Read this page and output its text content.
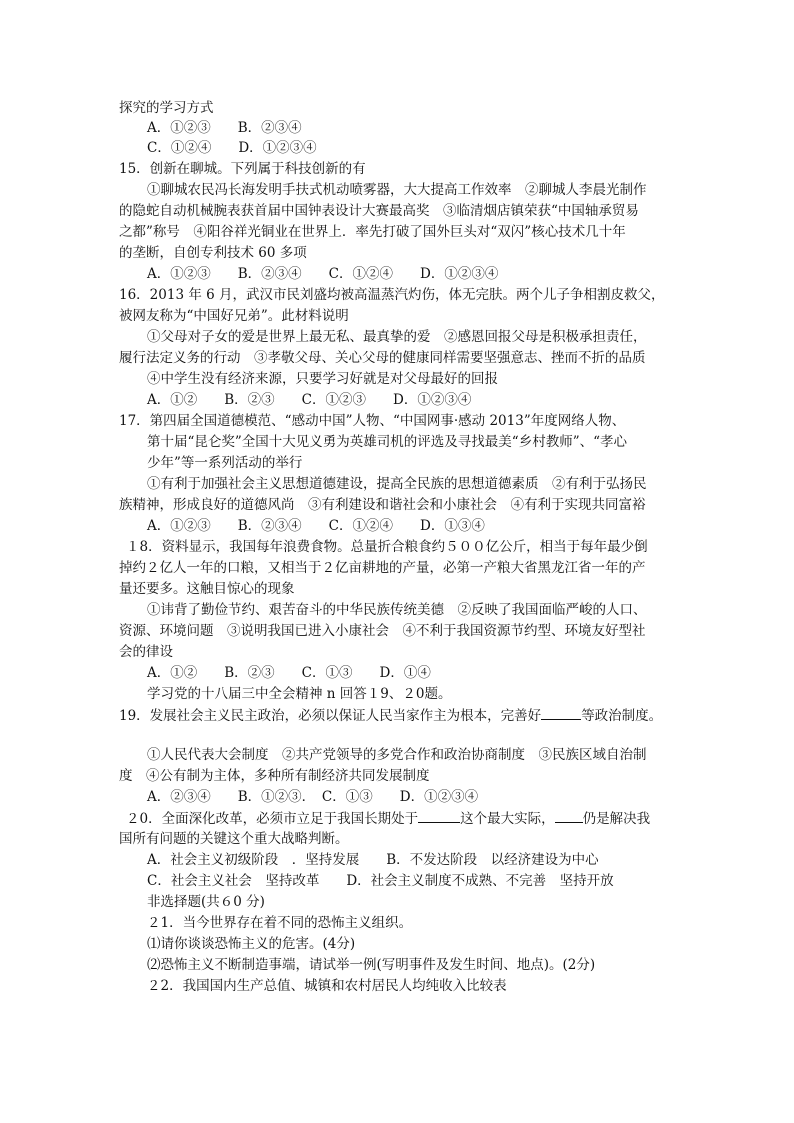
探究的学习方式
A．①②③　　B．②③④
C．①②④　　D．①②③④
15．创新在聊城。下列属于科技创新的有
①聊城农民冯长海发明手扶式机动喷雾器，大大提高工作效率　②聊城人李晨光制作
的隐蛇自动机械腕表获首届中国钟表设计大赛最高奖　③临清烟店镇荣获“中国轴承贸易
之都”称号　④阳谷祥光铜业在世界上．率先打破了国外巨头对“双闪”核心技术几十年
的垄断，自创专利技术 60 多项
A．①②③　　B．②③④　　C．①②④　　D．①②③④
16．2013 年 6 月，武汉市民刘盛均被高温蒸汽灼伤，体无完肤。两个儿子争相割皮救父，
被网友称为“中国好兄弟”。此材料说明
①父母对子女的爱是世界上最无私、最真挚的爱　②感恩回报父母是积极承担责任，
履行法定义务的行动　③孝敬父母、关心父母的健康同样需要坚强意志、挫而不折的品质
④中学生没有经济来源，只要学习好就是对父母最好的回报
A．①②　　B．②③　　C．①②③　　D．①②③④
17．第四届全国道德模范、“感动中国”人物、“中国网事·感动 2013”年度网络人物、
第十届“昆仑奖”全国十大见义勇为英雄司机的评选及寻找最美“乡村教师”、“孝心
少年”等一系列活动的举行
①有利于加强社会主义思想道德建设，提高全民族的思想道德素质　②有利于弘扬民
族精神，形成良好的道德风尚　③有利建设和谐社会和小康社会　④有利于实现共同富裕
A．①②③　　B．②③④　　C．①②④　　D．①③④
１8．资料显示，我国每年浪费食物。总量折合粮食约５００亿公斤，相当于每年最少倒
掉约２亿人一年的口粮，又相当于２亿亩耕地的产量，必第一产粮大省黑龙江省一年的产
量还要多。这触目惊心的现象
①讳背了勤俭节约、艰苦奋斗的中华民族传统美德　②反映了我国面临严峻的人口、
资源、环境问题　③说明我国已进入小康社会　④不利于我国资源节约型、环境友好型社
会的律设
A．①②　　B．②③　　C．①③　　D．①④
学习党的十八届三中全会精神 n 回答１9、２0题。
19．发展社会主义民主政治，必须以保证人民当家作主为根本，完善好	等政治制度。
①人民代表大会制度　②共产党领导的多党合作和政治协商制度　③民族区域自治制
度　④公有制为主体，多种所有制经济共同发展制度
A．②③④　　B．①②③．　C．①③　　D．①②③④
２0．全面深化改革，必须市立足于我国长期处于	这个最大实际， 仍是解决我
国所有问题的关键这个重大战略判断。
A．社会主义初级阶段　．坚持发展　　B．不发达阶段　以经济建设为中心
C．社会主义社会　坚持改革　　D．社会主义制度不成熟、不完善　坚持开放
非选择题(共６0 分)
２1．当今世界存在着不同的恐怖主义组织。
⑴请你谈谈恐怖主义的危害。(4分)
⑵恐怖主义不断制造事端，请试举一例(写明事件及发生时间、地点)。(2分)
２2．我国国内生产总值、城镇和农村居民人均纯收入比较表
